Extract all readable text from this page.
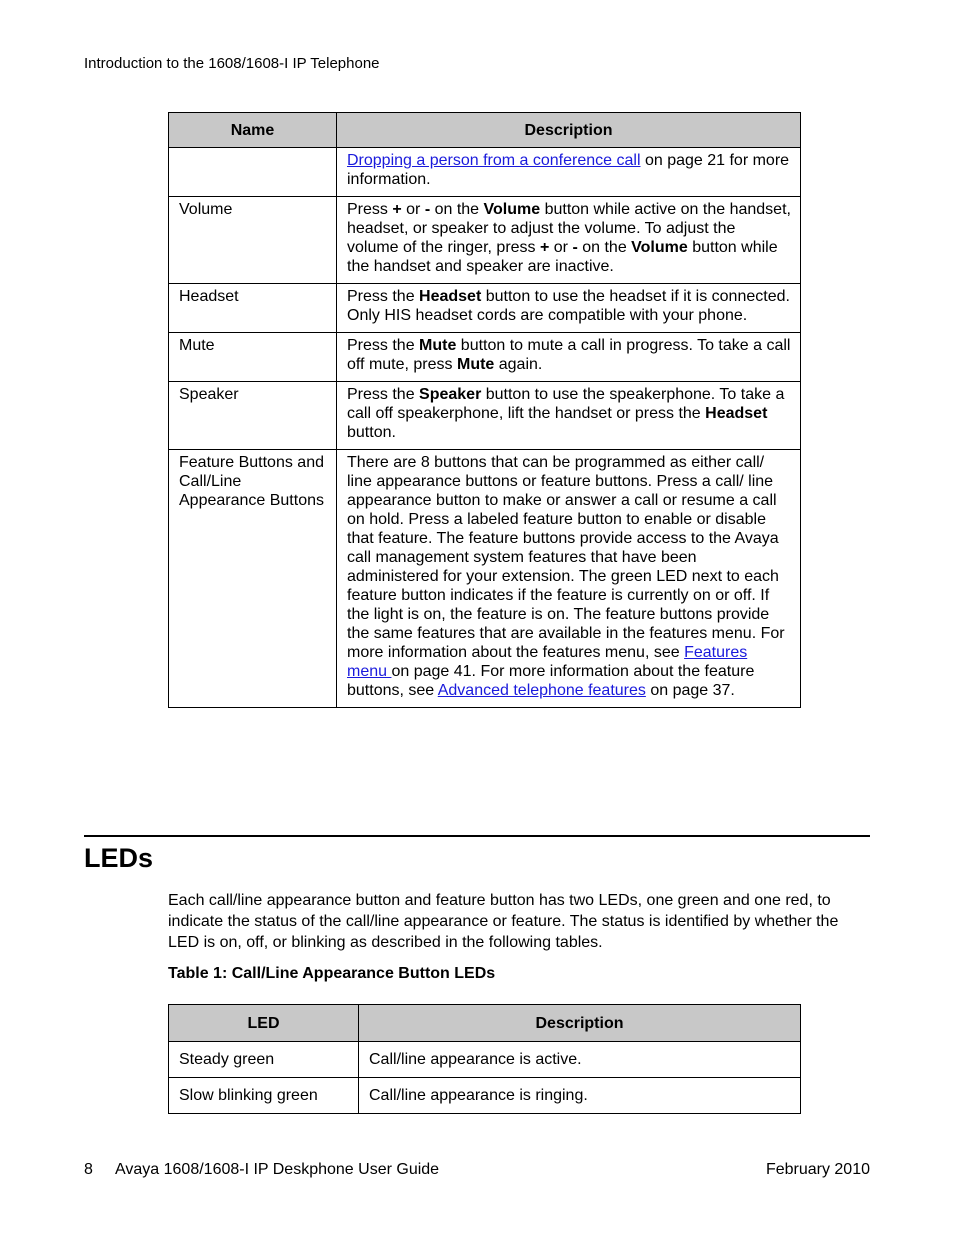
Introduction to the 1608/1608-I IP Telephone
Name	Description
	Dropping a person from a conference call on page 21 for more information.
Volume	Press + or - on the Volume button while active on the handset, headset, or speaker to adjust the volume. To adjust the volume of the ringer, press + or - on the Volume button while the handset and speaker are inactive.
Headset	Press the Headset button to use the headset if it is connected. Only HIS headset cords are compatible with your phone.
Mute	Press the Mute button to mute a call in progress. To take a call off mute, press Mute again.
Speaker	Press the Speaker button to use the speakerphone. To take a call off speakerphone, lift the handset or press the Headset button.
Feature Buttons and Call/Line Appearance Buttons	There are 8 buttons that can be programmed as either call/ line appearance buttons or feature buttons. Press a call/ line appearance button to make or answer a call or resume a call on hold. Press a labeled feature button to enable or disable that feature. The feature buttons provide access to the Avaya call management system features that have been administered for your extension. The green LED next to each feature button indicates if the feature is currently on or off. If the light is on, the feature is on. The feature buttons provide the same features that are available in the features menu. For more information about the features menu, see Features menu on page 41. For more information about the feature buttons, see Advanced telephone features on page 37.
LEDs
Each call/line appearance button and feature button has two LEDs, one green and one red, to indicate the status of the call/line appearance or feature. The status is identified by whether the LED is on, off, or blinking as described in the following tables.
Table 1: Call/Line Appearance Button LEDs
LED	Description
Steady green	Call/line appearance is active.
Slow blinking green	Call/line appearance is ringing.
8 Avaya 1608/1608-I IP Deskphone User Guide	February 2010
